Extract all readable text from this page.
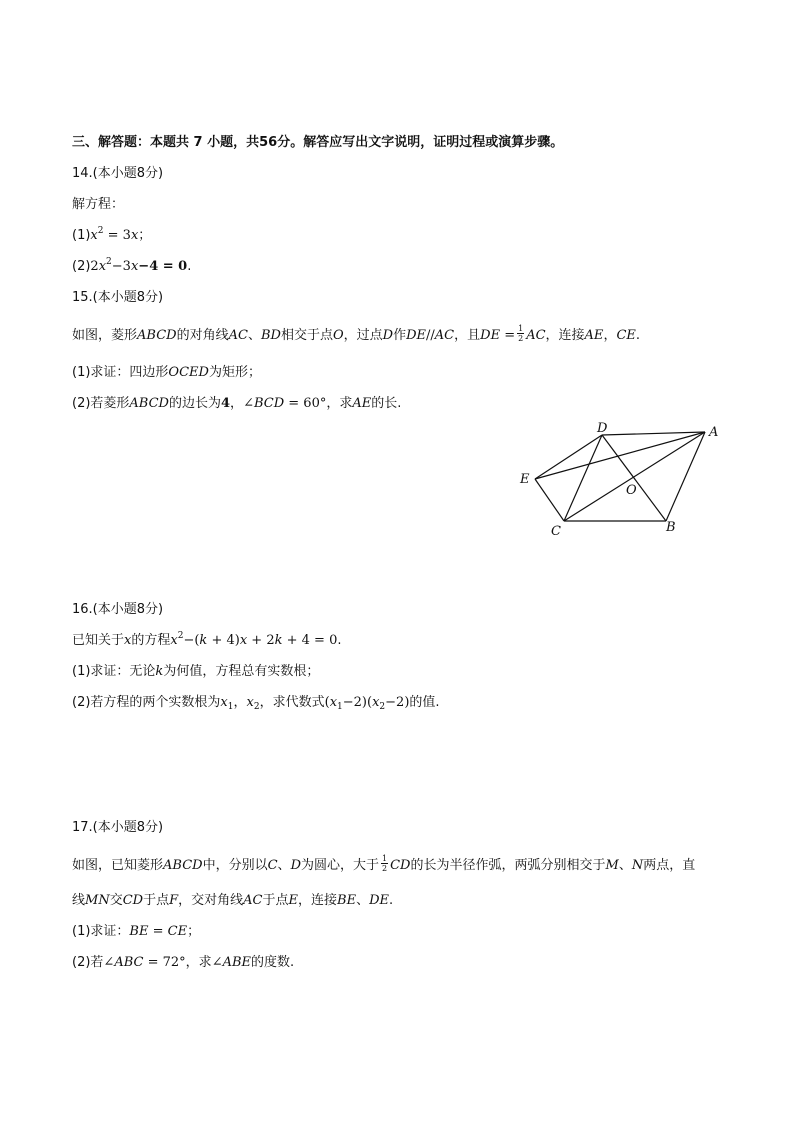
三、解答题：本题共 7 小题，共56分。解答应写出文字说明，证明过程或演算步骤。
14.(本小题8分)
解方程：
$(1)x^2 = 3x$；
$(2)2x^2-3x-4 = 0$.
15.(本小题8分)
如图，菱形ABCD的对角线AC、BD相交于点O，过点D作DE//AC，且DE = $\frac{1}{2}$ AC，连接AE，CE.
(1)求证：四边形OCED为矩形；
(2)若菱形ABCD的边长为4，∠BCD = 60°，求AE的长.
D	A
E
O
C	B
16.(本小题8分)
已知关于x的方程$x^2-(k + 4)x + 2k + 4 = 0$.
(1)求证：无论k为何值，方程总有实数根；
(2)若方程的两个实数根为$x_1$，$x_2$，求代数式$(x_1-2)(x_2-2)$的值.
17.(本小题8分)
如图，已知菱形ABCD中，分别以C、D为圆心，大于 $\frac{1}{2}$ CD的长为半径作弧，两弧分别相交于M、N两点，直
线MN交CD于点F，交对角线AC于点E，连接BE、DE.
(1)求证：BE = CE；
(2)若∠ABC = 72°，求∠ABE的度数.
